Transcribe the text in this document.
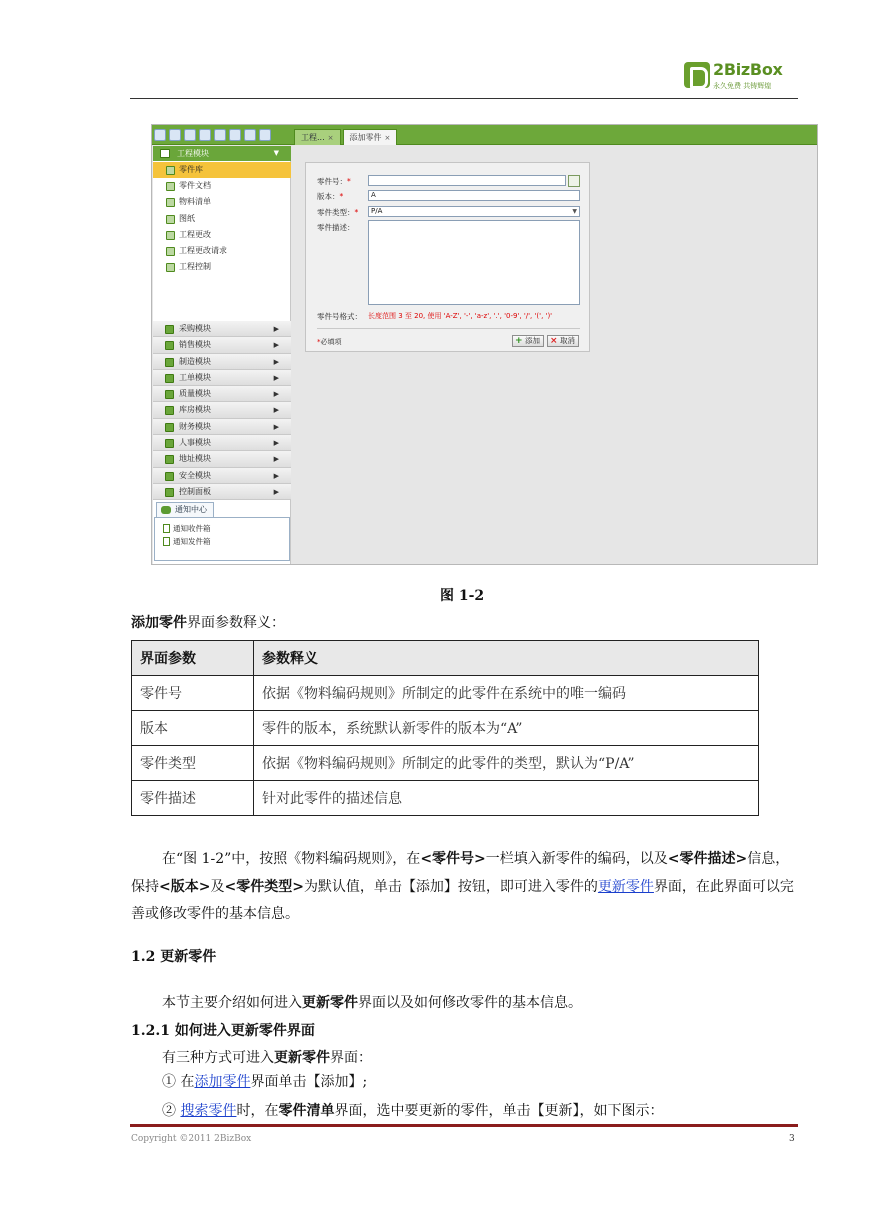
2BizBox
永久免费 共铸辉煌
工程... ×	添加零件 ×
工程模块	▼
零件库
零件文档
物料清单
图纸
工程更改
工程更改请求
工程控制
采购模块	▶
销售模块	▶
制造模块	▶
工单模块	▶
质量模块	▶
库房模块	▶
财务模块	▶
人事模块	▶
地址模块	▶
安全模块	▶
控制面板	▶
通知中心
通知收件箱
通知发件箱
零件号：*
版本：*	A
零件类型：*	P/A	▼
零件描述：
零件号格式： 长度范围 3 至 20, 使用 'A-Z', '-', 'a-z', '.', '0-9', '/', '(', ')'
*必填项	+ 添加	× 取消
图 1-2
添加零件界面参数释义：
界面参数	参数释义
零件号	依据《物料编码规则》所制定的此零件在系统中的唯一编码
版本	零件的版本，系统默认新零件的版本为“A”
零件类型	依据《物料编码规则》所制定的此零件的类型，默认为“P/A”
零件描述	针对此零件的描述信息
在“图 1-2”中，按照《物料编码规则》，在<零件号>一栏填入新零件的编码，以及<零件描述>信息，保持<版本>及<零件类型>为默认值，单击【添加】按钮，即可进入零件的更新零件界面，在此界面可以完善或修改零件的基本信息。
1.2 更新零件
本节主要介绍如何进入更新零件界面以及如何修改零件的基本信息。
1.2.1 如何进入更新零件界面
有三种方式可进入更新零件界面：
① 在添加零件界面单击【添加】;
② 搜索零件时，在零件清单界面，选中要更新的零件，单击【更新】，如下图示：
Copyright ©2011 2BizBox	3
